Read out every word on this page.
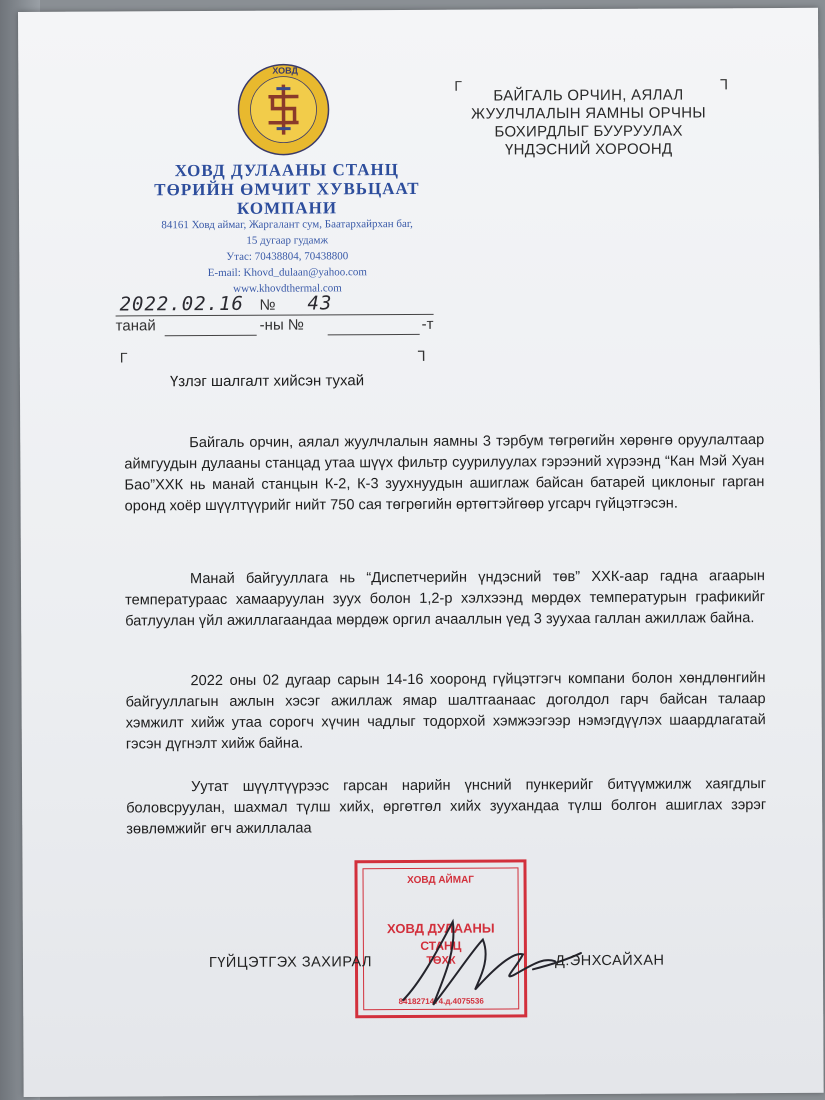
ХОВД
ХОВД ДУЛААНЫ СТАНЦ
ТӨРИЙН ӨМЧИТ ХУВЬЦААТ
КОМПАНИ
84161 Ховд аймаг, Жаргалант сум, Баатархайрхан баг,
15 дугаар гудамж
Утас: 70438804, 70438800
E-mail: Khovd_dulaan@yahoo.com
www.khovdthermal.com
Г	Ꞁ
БАЙГАЛЬ ОРЧИН, АЯЛАЛ
ЖУУЛЧЛАЛЫН ЯАМНЫ ОРЧНЫ
БОХИРДЛЫГ БУУРУУЛАХ
ҮНДЭСНИЙ ХОРООНД
2022.02.16 № 43
танай	-ны №	-т
Г	Ꞁ
Үзлэг шалгалт хийсэн тухай

Байгаль орчин, аялал жуулчлалын яамны 3 тэрбум төгрөгийн хөрөнгө оруулалтаар аймгуудын дулааны станцад утаа шүүх фильтр суурилуулах гэрээний хүрээнд “Кан Мэй Хуан Бао”ХХК нь манай станцын К-2, К-3 зуухнуудын ашиглаж байсан батарей циклоныг гарган оронд хоёр шүүлтүүрийг нийт 750 сая төгрөгийн өртөгтэйгөөр угсарч гүйцэтгэсэн.

Манай байгууллага нь “Диспетчерийн үндэсний төв” ХХК-аар гадна агаарын температураас хамааруулан зуух болон 1,2-р хэлхээнд мөрдөх температурын графикийг батлуулан үйл ажиллагаандаа мөрдөж оргил ачааллын үед 3 зуухаа галлан ажиллаж байна.

2022 оны 02 дугаар сарын 14-16 хооронд гүйцэтгэгч компани болон хөндлөнгийн байгууллагын ажлын хэсэг ажиллаж ямар шалтгаанаас доголдол гарч байсан талаар хэмжилт хийж утаа сорогч хүчин чадлыг тодорхой хэмжээгээр нэмэгдүүлэх шаардлагатай гэсэн дүгнэлт хийж байна.

Уутат шүүлтүүрээс гарсан нарийн үнсний пункерийг битүүмжилж хаягдлыг боловсруулан, шахмал түлш хийх, өргөтгөл хийх зуухандаа түлш болгон ашиглах зэрэг зөвлөмжийг өгч ажиллалаа

ХОВД АЙМАГ
ХОВД ДУЛААНЫ
СТАНЦ
ТӨХК
8418271474.д.4075536
ГҮЙЦЭТГЭХ ЗАХИРАЛ	Д.ЭНХСАЙХАН
